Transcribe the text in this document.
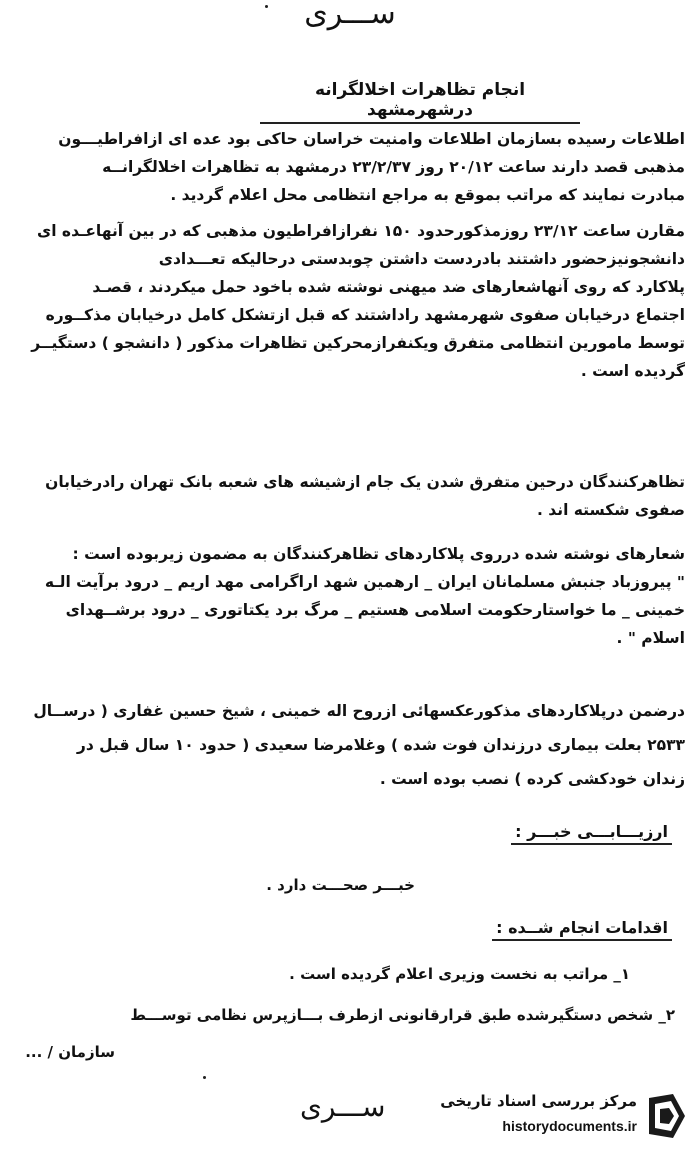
ســـری
انجام تظاهرات اخلالگرانه درشهرمشهد
اطلاعات رسیده بسازمان اطلاعات وامنیت خراسان حاکی بود عده ای ازافراطیـــون
مذهبی قصد دارند ساعت ۲۰/۱۲ روز ۲۳/۲/۳۷ درمشهد به تظاهرات اخلالگرانــه
مبادرت نمایند که مراتب بموقع به مراجع انتظامی محل اعلام گردید .
مقارن ساعت ۲۳/۱۲ روزمذکورحدود ۱۵۰ نفرازافراطیون مذهبی که در بین آنهاعـده ای
دانشجونیزحضور داشتند بادردست داشتن چوبدستی درحالیکه تعـــدادی
پلاکارد که روی آنهاشعارهای ضد میهنی نوشته شده باخود حمل میکردند ، قصـد
اجتماع درخیابان صفوی شهرمشهد راداشتند که قبل ازتشکل کامل درخیابان مذکــوره
توسط مامورین انتظامی متفرق ویکنفرازمحرکین تظاهرات مذکور ( دانشجو ) دستگیــر
گردیده است .
تظاهرکنندگان درحین متفرق شدن یک جام ازشیشه های شعبه بانک تهران رادرخیابان
صفوی شکسته اند .
شعارهای نوشته شده درروی پلاکاردهای تظاهرکنندگان به مضمون زیربوده است :
" پیروزباد جنبش مسلمانان ایران _ ارهمین شهد اراگرامی مهد اریم _ درود برآیت الـه
خمینی _ ما خواستارحکومت اسلامی هستیم _ مرگ برد یکتاتوری _ درود برشــهدای
اسلام " .
درضمن درپلاکاردهای مذکورعکسهائی ازروح اله خمینی ، شیخ حسین غفاری ( درســال
۲۵۳۳ بعلت بیماری درزندان فوت شده ) وغلامرضا سعیدی ( حدود ۱۰ سال قبل در
زندان خودکشی کرده ) نصب بوده است .
ارزیـــابـــی خبـــر :
خبـــر صحـــت دارد .
اقدامات انجام شــده :
۱_ مراتب به نخست وزیری اعلام گردیده است .
۲_ شخص دستگیرشده طبق قرارقانونی ازطرف بـــازپرس نظامی توســـط
سازمان / ...
ســـری	مرکز بررسی اسناد تاریخی
historydocuments.ir
